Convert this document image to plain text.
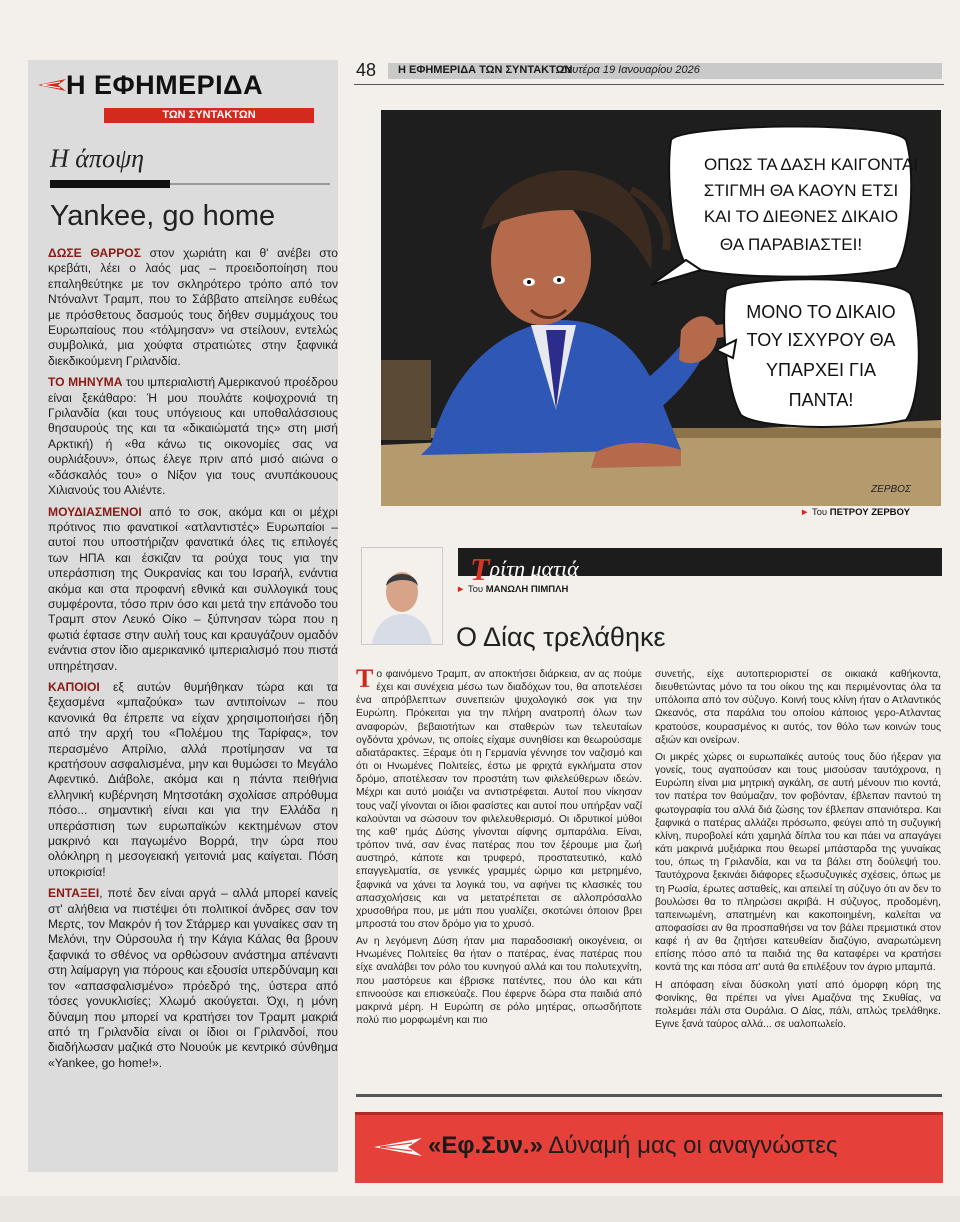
Η ΕΦΗΜΕΡΙΔΑ
ΤΩΝ ΣΥΝΤΑΚΤΩΝ
Η άποψη
Yankee, go home

ΔΩΣΕ ΘΑΡΡΟΣ στον χωριάτη και θ' ανέβει στο κρεβάτι, λέει ο λαός μας – προειδοποίηση που επαληθεύτηκε με τον σκληρότερο τρόπο από τον Ντόναλντ Τραμπ, που το Σάββατο απείλησε ευθέως με πρόσθετους δασμούς τους δήθεν συμμάχους του Ευρωπαίους που «τόλμησαν» να στείλουν, εντελώς συμβολικά, μια χούφτα στρατιώτες στην ξαφνικά διεκδικούμενη Γριλανδία.

ΤΟ ΜΗΝΥΜΑ του ιμπεριαλιστή Αμερικανού προέδρου είναι ξεκάθαρο: Ή μου πουλάτε κοψοχρονιά τη Γριλανδία (και τους υπόγειους και υποθαλάσσιους θησαυρούς της και τα «δικαιώματά της» στη μισή Αρκτική) ή «θα κάνω τις οικονομίες σας να ουρλιάξουν», όπως έλεγε πριν από μισό αιώνα ο «δάσκαλός του» ο Νίξον για τους ανυπάκουους Χιλιανούς του Αλιέντε.

ΜΟΥΔΙΑΣΜΕΝΟΙ από το σοκ, ακόμα και οι μέχρι πρότινος πιο φανατικοί «ατλαντιστές» Ευρωπαίοι – αυτοί που υποστήριζαν φανατικά όλες τις επιλογές των ΗΠΑ και έσκιζαν τα ρούχα τους για την υπεράσπιση της Ουκρανίας και του Ισραήλ, ενάντια ακόμα και στα προφανή εθνικά και συλλογικά τους συμφέροντα, τόσο πριν όσο και μετά την επάνοδο του Τραμπ στον Λευκό Οίκο – ξύπνησαν τώρα που η φωτιά έφτασε στην αυλή τους και κραυγάζουν ομαδόν ενάντια στον ίδιο αμερικανικό ιμπεριαλισμό που πιστά υπηρέτησαν.

ΚΑΠΟΙΟΙ εξ αυτών θυμήθηκαν τώρα και τα ξεχασμένα «μπαζούκα» των αντιποίνων – που κανονικά θα έπρεπε να είχαν χρησιμοποιήσει ήδη από την αρχή του «Πολέμου της Ταρίφας», τον περασμένο Απρίλιο, αλλά προτίμησαν να τα κρατήσουν ασφαλισμένα, μην και θυμώσει το Μεγάλο Αφεντικό. Διάβολε, ακόμα και η πάντα πειθήνια ελληνική κυβέρνηση Μητσοτάκη σχολίασε απρόθυμα πόσο... σημαντική είναι και για την Ελλάδα η υπεράσπιση των ευρωπαϊκών κεκτημένων στον μακρινό και παγωμένο Βορρά, την ώρα που ολόκληρη η μεσογειακή γειτονιά μας καίγεται. Πόση υποκρισία!

ΕΝΤΑΞΕΙ, ποτέ δεν είναι αργά – αλλά μπορεί κανείς στ' αλήθεια να πιστέψει ότι πολιτικοί άνδρες σαν τον Μερτς, τον Μακρόν ή τον Στάρμερ και γυναίκες σαν τη Μελόνι, την Ούρσουλα ή την Κάγια Κάλας θα βρουν ξαφνικά το σθένος να ορθώσουν ανάστημα απέναντι στη λαίμαργη για πόρους και εξουσία υπερδύναμη και τον «απασφαλισμένο» πρόεδρό της, ύστερα από τόσες γονυκλισίες; Χλωμό ακούγεται. Όχι, η μόνη δύναμη που μπορεί να κρατήσει τον Τραμπ μακριά από τη Γριλανδία είναι οι ίδιοι οι Γριλανδοί, που διαδήλωσαν μαζικά στο Νουούκ με κεντρικό σύνθημα «Yankee, go home!».

48 Η ΕΦΗΜΕΡΙΔΑ ΤΩΝ ΣΥΝΤΑΚΤΩΝ
Δευτέρα 19 Ιανουαρίου 2026
ΟΠΩΣ ΤΑ ΔΑΣΗ ΚΑΙΓΟΝΤΑΙ
ΣΤΙΓΜΗ ΘΑ ΚΑΟΥΝ ΕΤΣΙ
ΚΑΙ ΤΟ ΔΙΕΘΝΕΣ ΔΙΚΑΙΟ
ΘΑ ΠΑΡΑΒΙΑΣΤΕΙ!
ΜΟΝΟ ΤΟ ΔΙΚΑΙΟ
ΤΟΥ ΙΣΧΥΡΟΥ ΘΑ
ΥΠΑΡΧΕΙ ΓΙΑ
ΠΑΝΤΑ!
ΖΕΡΒΟΣ
► Του ΠΕΤΡΟΥ ΖΕΡΒΟΥ
Τρίτη ματιά
► Του ΜΑΝΩΛΗ ΠΙΜΠΛΗ
Ο Δίας τρελάθηκε

Το φαινόμενο Τραμπ, αν αποκτήσει διάρκεια, αν ας πούμε έχει και συνέχεια μέσω των διαδόχων του, θα αποτελέσει ένα απρόβλεπτων συνεπειών ψυχολογικό σοκ για την Ευρώπη. Πρόκειται για την πλήρη ανατροπή όλων των αναφορών, βεβαιοτήτων και σταθερών των τελευταίων ογδόντα χρόνων, τις οποίες είχαμε συνηθίσει και θεωρούσαμε αδιατάρακτες. Ξέραμε ότι η Γερμανία γέννησε τον ναζισμό και ότι οι Ηνωμένες Πολιτείες, έστω με φριχτά εγκλήματα στον δρόμο, αποτέλεσαν τον προστάτη των φιλελεύθερων ιδεών. Μέχρι και αυτό μοιάζει να αντιστρέφεται. Αυτοί που νίκησαν τους ναζί γίνονται οι ίδιοι φασίστες και αυτοί που υπήρξαν ναζί καλούνται να σώσουν τον φιλελευθερισμό. Οι ιδρυτικοί μύθοι της καθ' ημάς Δύσης γίνονται αίφνης σμπαράλια. Είναι, τρόπον τινά, σαν ένας πατέρας που τον ξέρουμε μια ζωή αυστηρό, κάποτε και τρυφερό, προστατευτικό, καλό επαγγελματία, σε γενικές γραμμές ώριμο και μετρημένο, ξαφνικά να χάνει τα λογικά του, να αφήνει τις κλασικές του απασχολήσεις και να μετατρέπεται σε αλλοπρόσαλλο χρυσοθήρα που, με μάτι που γυαλίζει, σκοτώνει όποιον βρει μπροστά του στον δρόμο για το χρυσό.

Αν η λεγόμενη Δύση ήταν μια παραδοσιακή οικογένεια, οι Ηνωμένες Πολιτείες θα ήταν ο πατέρας, ένας πατέρας που είχε αναλάβει τον ρόλο του κυνηγού αλλά και του πολυτεχνίτη, που μαστόρευε και έβρισκε πατέντες, που όλο και κάτι επινοούσε και επισκεύαζε. Που έφερνε δώρα στα παιδιά από μακρινά μέρη. Η Ευρώπη σε ρόλο μητέρας, οπωσδήποτε πολύ πιο μορφωμένη και πιο

συνετής, είχε αυτοπεριοριστεί σε οικιακά καθήκοντα, διευθετώντας μόνο τα του οίκου της και περιμένοντας όλα τα υπόλοιπα από τον σύζυγο. Κοινή τους κλίνη ήταν ο Ατλαντικός Ωκεανός, στα παράλια του οποίου κάποιος γερο-Ατλαντας κρατούσε, κουρασμένος κι αυτός, τον θόλο των κοινών τους αξιών και ονείρων.

Οι μικρές χώρες οι ευρωπαϊκές αυτούς τους δύο ήξεραν για γονείς, τους αγαπούσαν και τους μισούσαν ταυτόχρονα, η Ευρώπη είναι μια μητρική αγκάλη, σε αυτή μένουν πιο κοντά, τον πατέρα τον θαύμαζαν, τον φοβόνταν, έβλεπαν παντού τη φωτογραφία του αλλά διά ζώσης τον έβλεπαν σπανιότερα. Και ξαφνικά ο πατέρας αλλάζει πρόσωπο, φεύγει από τη συζυγική κλίνη, πυροβολεί κάτι χαμηλά δίπλα του και πάει να απαγάγει κάτι μακρινά μυξιάρικα που θεωρεί μπάσταρδα της γυναίκας του, όπως τη Γριλανδία, και να τα βάλει στη δούλεψή του. Ταυτόχρονα ξεκινάει διάφορες εξωσυζυγικές σχέσεις, όπως με τη Ρωσία, έρωτες ασταθείς, και απειλεί τη σύζυγο ότι αν δεν το βουλώσει θα το πληρώσει ακριβά. Η σύζυγος, προδομένη, ταπεινωμένη, απατημένη και κακοποιημένη, καλείται να αποφασίσει αν θα προσπαθήσει να τον βάλει πρεμιστικά στον καφέ ή αν θα ζητήσει κατευθείαν διαζύγιο, αναρωτώμενη επίσης πόσο από τα παιδιά της θα καταφέρει να κρατήσει κοντά της και πόσα απ' αυτά θα επιλέξουν τον άγριο μπαμπά.

Η απόφαση είναι δύσκολη γιατί από όμορφη κόρη της Φοινίκης, θα πρέπει να γίνει Αμαζόνα της Σκυθίας, να πολεμάει πάλι στα Ουράλια. Ο Δίας, πάλι, απλώς τρελάθηκε. Εγινε ξανά ταύρος αλλά... σε υαλοπωλείο.

«Εφ.Συν.» Δύναμή μας οι αναγνώστες
